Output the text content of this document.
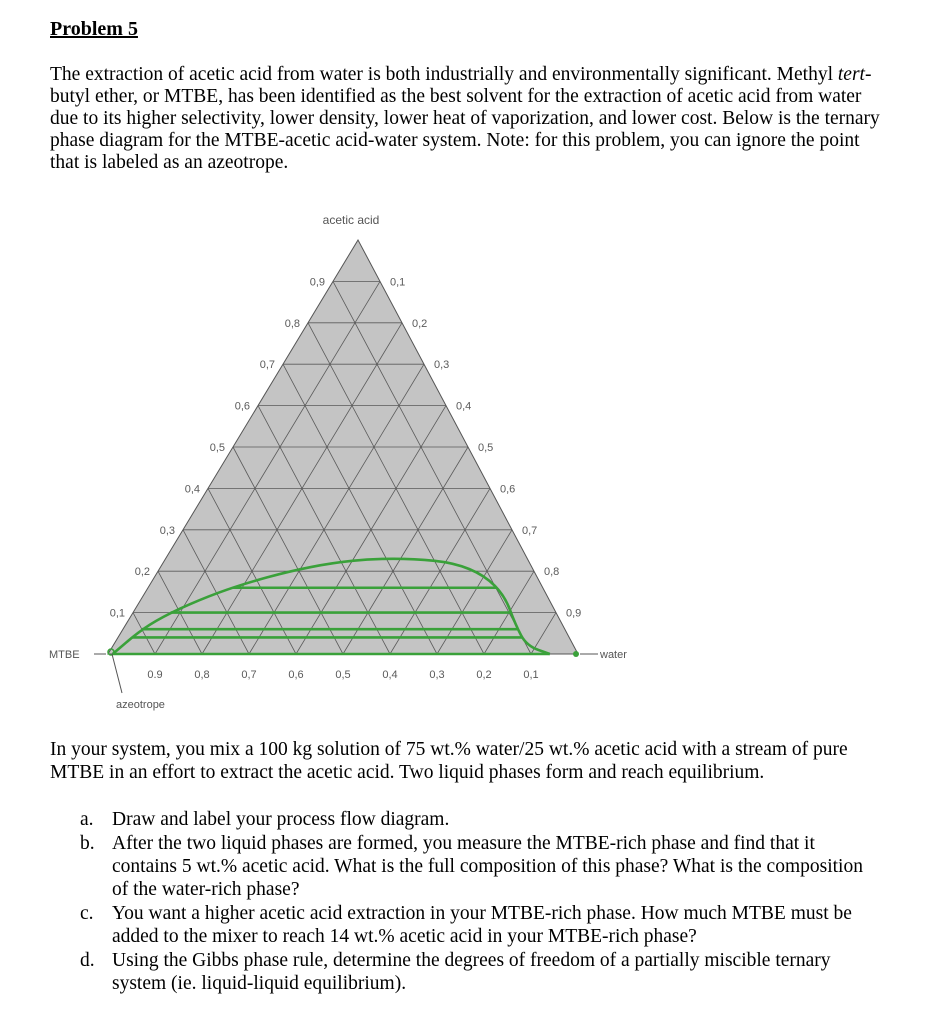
Problem 5

The extraction of acetic acid from water is both industrially and environmentally significant. Methyl tert-butyl ether, or MTBE, has been identified as the best solvent for the extraction of acetic acid from water due to its higher selectivity, lower density, lower heat of vaporization, and lower cost. Below is the ternary phase diagram for the MTBE-acetic acid-water system. Note: for this problem, you can ignore the point that is labeled as an azeotrope.

0,1
0,2
0,3
0,4
0,5
0,6
0,7
0,8
0,9	0,1
0,2
0,3
0,4
0,5
0,6
0,7
0,8
0,9
0.9	0,8	0,7	0,6	0,5	0,4	0,3	0,2	0,1
acetic acid
MTBE	water
azeotrope

In your system, you mix a 100 kg solution of 75 wt.% water/25 wt.% acetic acid with a stream of pure MTBE in an effort to extract the acetic acid. Two liquid phases form and reach equilibrium.

a. Draw and label your process flow diagram.
b. After the two liquid phases are formed, you measure the MTBE-rich phase and find that it contains 5 wt.% acetic acid. What is the full composition of this phase? What is the composition of the water-rich phase?
c. You want a higher acetic acid extraction in your MTBE-rich phase. How much MTBE must be added to the mixer to reach 14 wt.% acetic acid in your MTBE-rich phase?
d. Using the Gibbs phase rule, determine the degrees of freedom of a partially miscible ternary system (ie. liquid-liquid equilibrium).
